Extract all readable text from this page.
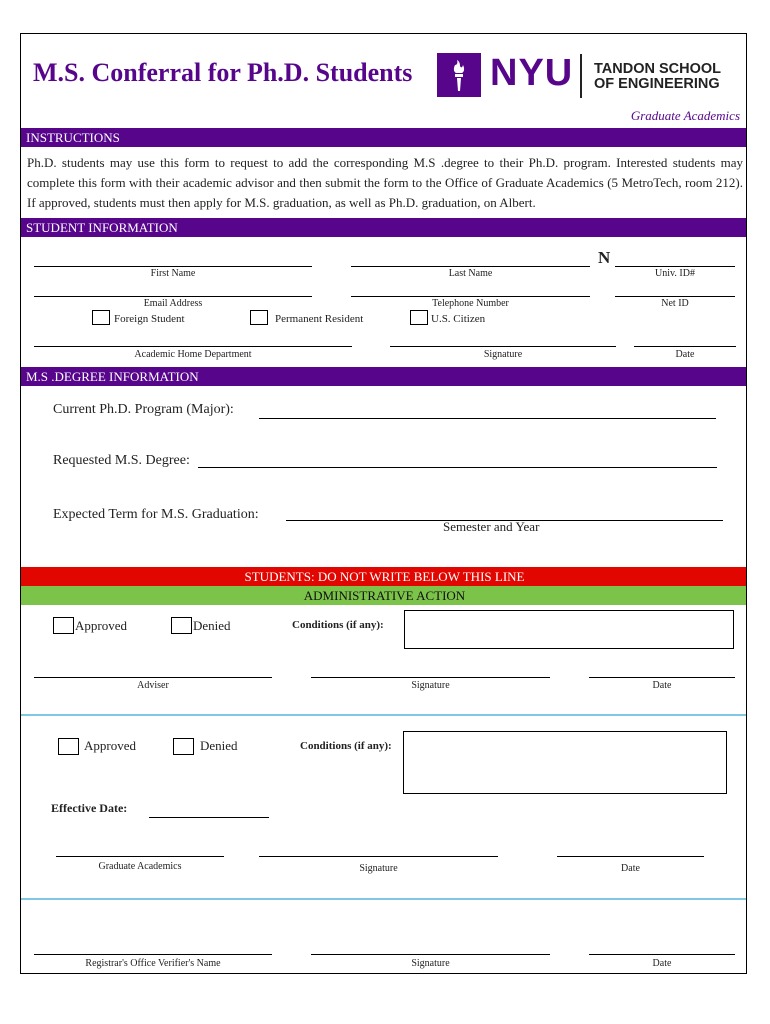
M.S. Conferral for Ph.D. Students NYU TANDON SCHOOL
OF ENGINEERING
Graduate Academics
INSTRUCTIONS
Ph.D. students may use this form to request to add the corresponding M.S .degree to their Ph.D. program. Interested students may complete this form with their academic advisor and then submit the form to the Office of Graduate Academics (5 MetroTech, room 212). If approved, students must then apply for M.S. graduation, as well as Ph.D. graduation, on Albert.
STUDENT INFORMATION
N
First Name	Last Name	Univ. ID#
Email Address	Telephone Number	Net ID
Foreign Student	Permanent Resident	U.S. Citizen
Academic Home Department	Signature	Date
M.S .DEGREE INFORMATION
Current Ph.D. Program (Major):
Requested M.S. Degree:
Expected Term for M.S. Graduation:
Semester and Year
STUDENTS: DO NOT WRITE BELOW THIS LINE
ADMINISTRATIVE ACTION
Approved	Denied	Conditions (if any):
Adviser	Signature	Date
Approved	Denied	Conditions (if any):
Effective Date:
Graduate Academics	Signature	Date
Registrar's Office Verifier's Name	Signature	Date
